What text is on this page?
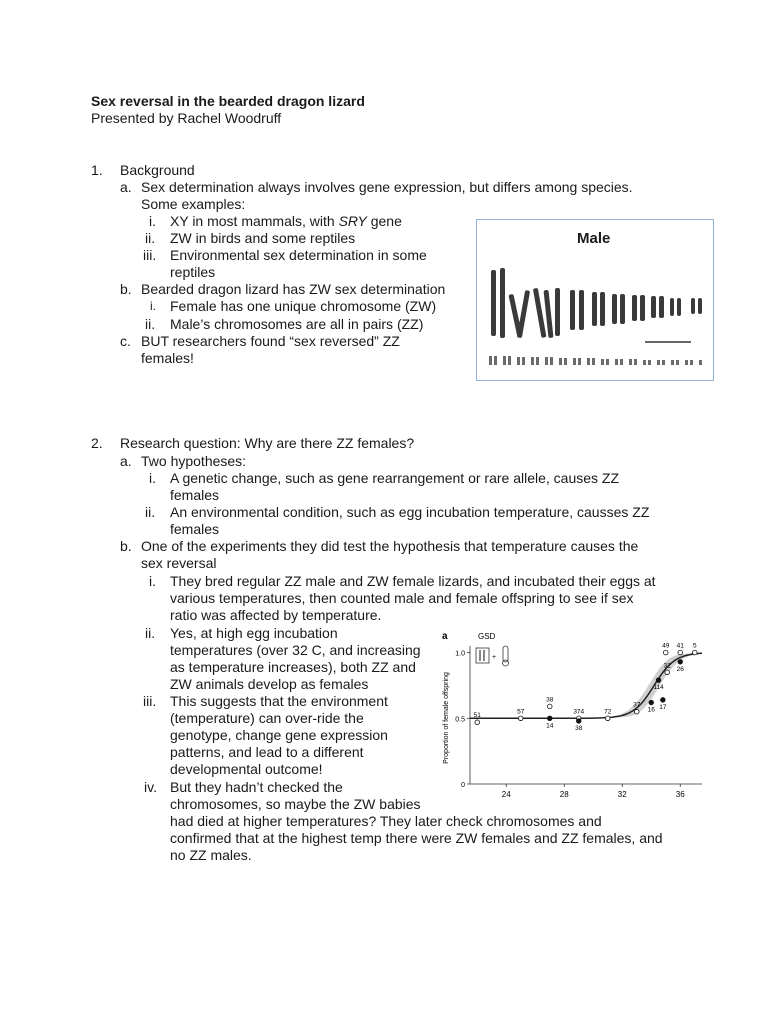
Sex reversal in the bearded dragon lizard
Presented by Rachel Woodruff
1. Background
a. Sex determination always involves gene expression, but differs among species.
Some examples:
i. XY in most mammals, with SRY gene
ii. ZW in birds and some reptiles
iii. Environmental sex determination in some
reptiles
b. Bearded dragon lizard has ZW sex determination
i. Female has one unique chromosome (ZW)
ii. Male’s chromosomes are all in pairs (ZZ)
c. BUT researchers found “sex reversed” ZZ
females!
Male
2. Research question: Why are there ZZ females?
a. Two hypotheses:
i. A genetic change, such as gene rearrangement or rare allele, causes ZZ
females
ii. An environmental condition, such as egg incubation temperature, causses ZZ
females
b. One of the experiments they did test the hypothesis that temperature causes the
sex reversal
i. They bred regular ZZ male and ZW female lizards, and incubated their eggs at
various temperatures, then counted male and female offspring to see if sex
ratio was affected by temperature.
ii. Yes, at high egg incubation
temperatures (over 32 C, and increasing
as temperature increases), both ZZ and
ZW animals develop as females
iii. This suggests that the environment
(temperature) can over-ride the
genotype, change gene expression
patterns, and lead to a different
developmental outcome!
iv. But they hadn’t checked the
chromosomes, so maybe the ZW babies
had died at higher temperatures? They later check chromosomes and
confirmed that at the highest temp there were ZW females and ZZ females, and
no ZZ males.
a	GSD
+
Proportion of female offspring
24	28	32	36
0
0.5
1.0
51
57
38
374	72
37
49 41 5
32
14	38
16
114
17
26
